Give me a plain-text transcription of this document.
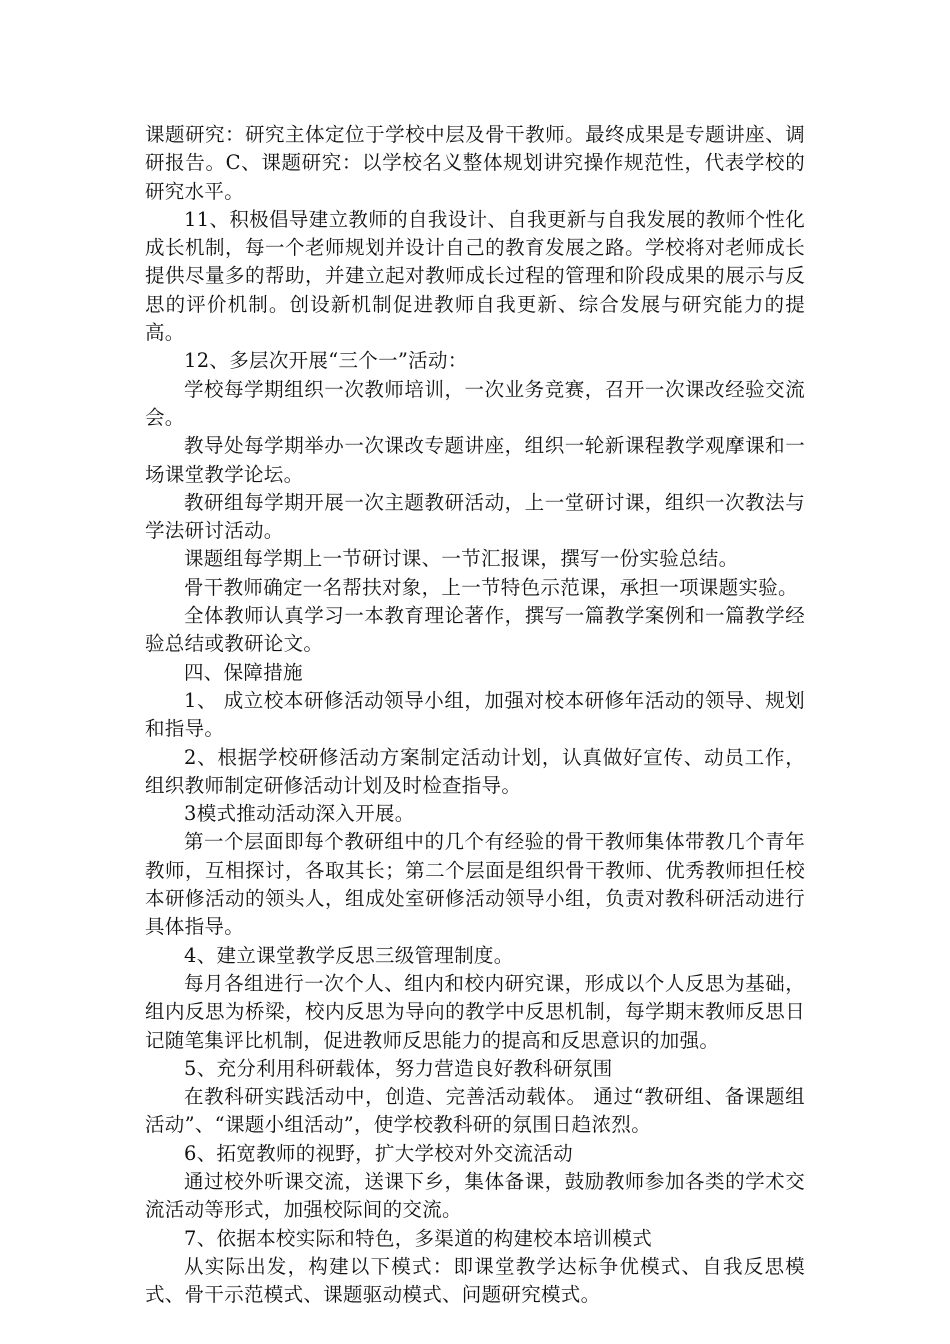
课题研究：研究主体定位于学校中层及骨干教师。最终成果是专题讲座、调研报告。C、课题研究：以学校名义整体规划讲究操作规范性，代表学校的研究水平。

11、积极倡导建立教师的自我设计、自我更新与自我发展的教师个性化成长机制，每一个老师规划并设计自己的教育发展之路。学校将对老师成长提供尽量多的帮助，并建立起对教师成长过程的管理和阶段成果的展示与反思的评价机制。创设新机制促进教师自我更新、综合发展与研究能力的提高。

12、多层次开展“三个一”活动：

学校每学期组织一次教师培训，一次业务竞赛，召开一次课改经验交流会。

教导处每学期举办一次课改专题讲座，组织一轮新课程教学观摩课和一场课堂教学论坛。

教研组每学期开展一次主题教研活动，上一堂研讨课，组织一次教法与学法研讨活动。

课题组每学期上一节研讨课、一节汇报课，撰写一份实验总结。

骨干教师确定一名帮扶对象，上一节特色示范课，承担一项课题实验。

全体教师认真学习一本教育理论著作，撰写一篇教学案例和一篇教学经验总结或教研论文。

四、保障措施

1、 成立校本研修活动领导小组，加强对校本研修年活动的领导、规划和指导。

2、根据学校研修活动方案制定活动计划，认真做好宣传、动员工作，组织教师制定研修活动计划及时检查指导。

3模式推动活动深入开展。

第一个层面即每个教研组中的几个有经验的骨干教师集体带教几个青年教师，互相探讨，各取其长；第二个层面是组织骨干教师、优秀教师担任校本研修活动的领头人，组成处室研修活动领导小组，负责对教科研活动进行具体指导。

4、建立课堂教学反思三级管理制度。

每月各组进行一次个人、组内和校内研究课，形成以个人反思为基础，组内反思为桥梁，校内反思为导向的教学中反思机制，每学期末教师反思日记随笔集评比机制，促进教师反思能力的提高和反思意识的加强。

5、充分利用科研载体，努力营造良好教科研氛围

在教科研实践活动中，创造、完善活动载体。 通过“教研组、备课题组活动”、“课题小组活动”，使学校教科研的氛围日趋浓烈。

6、拓宽教师的视野，扩大学校对外交流活动

通过校外听课交流，送课下乡，集体备课，鼓励教师参加各类的学术交流活动等形式，加强校际间的交流。

7、依据本校实际和特色，多渠道的构建校本培训模式

从实际出发，构建以下模式：即课堂教学达标争优模式、自我反思模式、骨干示范模式、课题驱动模式、问题研究模式。
